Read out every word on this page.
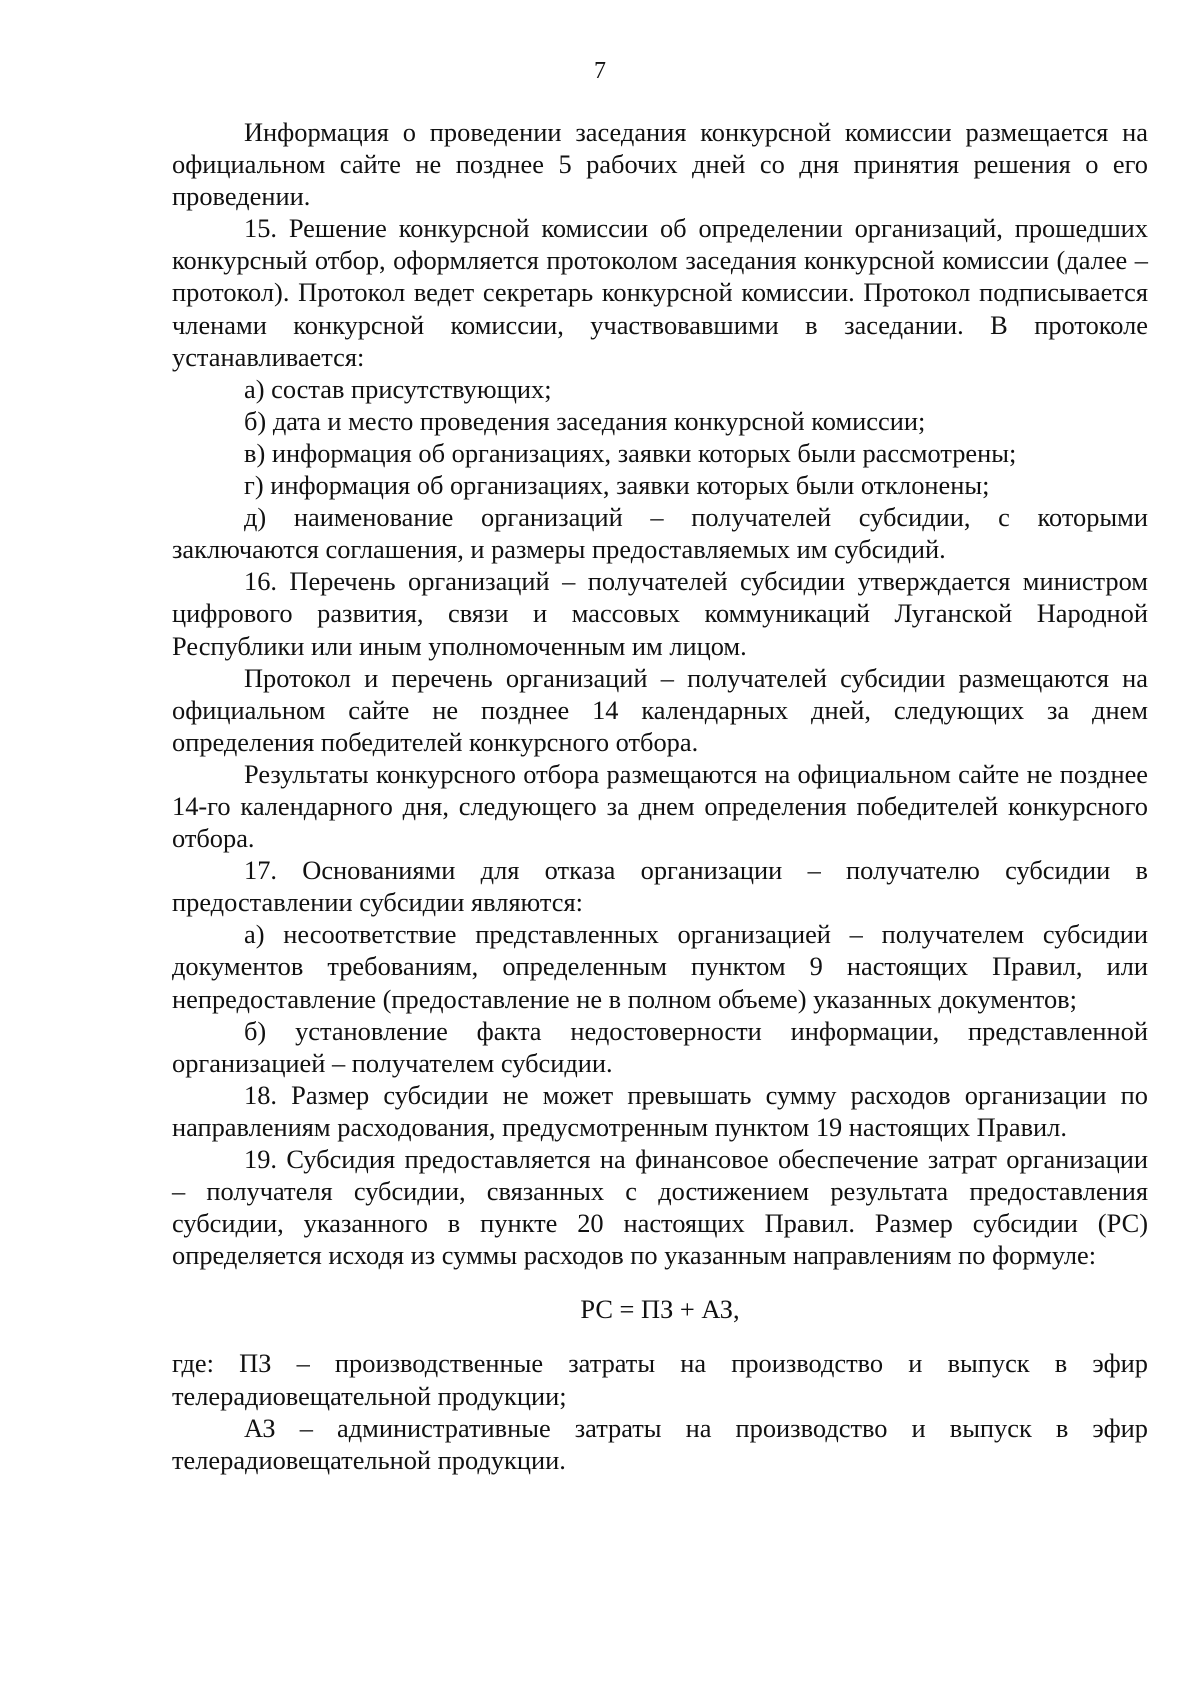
7

Информация о проведении заседания конкурсной комиссии размещается на официальном сайте не позднее 5 рабочих дней со дня принятия решения о его проведении.

15. Решение конкурсной комиссии об определении организаций, прошедших конкурсный отбор, оформляется протоколом заседания конкурсной комиссии (далее – протокол). Протокол ведет секретарь конкурсной комиссии. Протокол подписывается членами конкурсной комиссии, участвовавшими в заседании. В протоколе устанавливается:

а) состав присутствующих;

б) дата и место проведения заседания конкурсной комиссии;

в) информация об организациях, заявки которых были рассмотрены;

г) информация об организациях, заявки которых были отклонены;

д) наименование организаций – получателей субсидии, с которыми заключаются соглашения, и размеры предоставляемых им субсидий.

16. Перечень организаций – получателей субсидии утверждается министром цифрового развития, связи и массовых коммуникаций Луганской Народной Республики или иным уполномоченным им лицом.

Протокол и перечень организаций – получателей субсидии размещаются на официальном сайте не позднее 14 календарных дней, следующих за днем определения победителей конкурсного отбора.

Результаты конкурсного отбора размещаются на официальном сайте не позднее 14-го календарного дня, следующего за днем определения победителей конкурсного отбора.

17. Основаниями для отказа организации – получателю субсидии в предоставлении субсидии являются:

а) несоответствие представленных организацией – получателем субсидии документов требованиям, определенным пунктом 9 настоящих Правил, или непредоставление (предоставление не в полном объеме) указанных документов;

б) установление факта недостоверности информации, представленной организацией – получателем субсидии.

18. Размер субсидии не может превышать сумму расходов организации по направлениям расходования, предусмотренным пунктом 19 настоящих Правил.

19. Субсидия предоставляется на финансовое обеспечение затрат организации – получателя субсидии, связанных с достижением результата предоставления субсидии, указанного в пункте 20 настоящих Правил. Размер субсидии (РС) определяется исходя из суммы расходов по указанным направлениям по формуле:

РС = ПЗ + АЗ,

где: ПЗ – производственные затраты на производство и выпуск в эфир телерадиовещательной продукции;

АЗ – административные затраты на производство и выпуск в эфир телерадиовещательной продукции.
